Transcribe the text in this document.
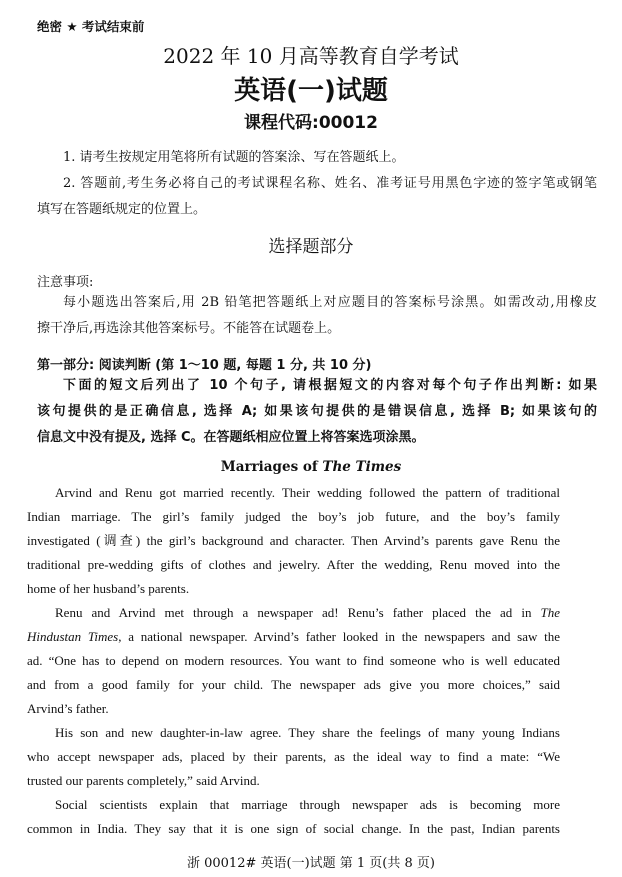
绝密 ★ 考试结束前
2022 年 10 月高等教育自学考试
英语(一)试题
课程代码:00012
1. 请考生按规定用笔将所有试题的答案涂、写在答题纸上。
2. 答题前,考生务必将自己的考试课程名称、姓名、准考证号用黑色字迹的签字笔或钢笔
填写在答题纸规定的位置上。
选择题部分
注意事项:
每小题选出答案后,用 2B 铅笔把答题纸上对应题目的答案标号涂黑。如需改动,用橡皮
擦干净后,再选涂其他答案标号。不能答在试题卷上。
第一部分: 阅读判断 (第 1～10 题, 每题 1 分, 共 10 分)
下面的短文后列出了 10 个句子, 请根据短文的内容对每个句子作出判断: 如果
该句提供的是正确信息, 选择 A; 如果该句提供的是错误信息, 选择 B; 如果该句的
信息文中没有提及, 选择 C。在答题纸相应位置上将答案选项涂黑。
Marriages of The Times
Arvind and Renu got married recently. Their wedding followed the pattern of traditional
Indian marriage. The girl’s family judged the boy’s job future, and the boy’s family
investigated (调查) the girl’s background and character. Then Arvind’s parents gave Renu the
traditional pre-wedding gifts of clothes and jewelry. After the wedding, Renu moved into the
home of her husband’s parents.
Renu and Arvind met through a newspaper ad! Renu’s father placed the ad in The
Hindustan Times, a national newspaper. Arvind’s father looked in the newspapers and saw the
ad. “One has to depend on modern resources. You want to find someone who is well educated
and from a good family for your child. The newspaper ads give you more choices,” said
Arvind’s father.
His son and new daughter-in-law agree. They share the feelings of many young Indians
who accept newspaper ads, placed by their parents, as the ideal way to find a mate: “We
trusted our parents completely,” said Arvind.
Social scientists explain that marriage through newspaper ads is becoming more
common in India. They say that it is one sign of social change. In the past, Indian parents
浙 00012# 英语(一)试题 第 1 页(共 8 页)
